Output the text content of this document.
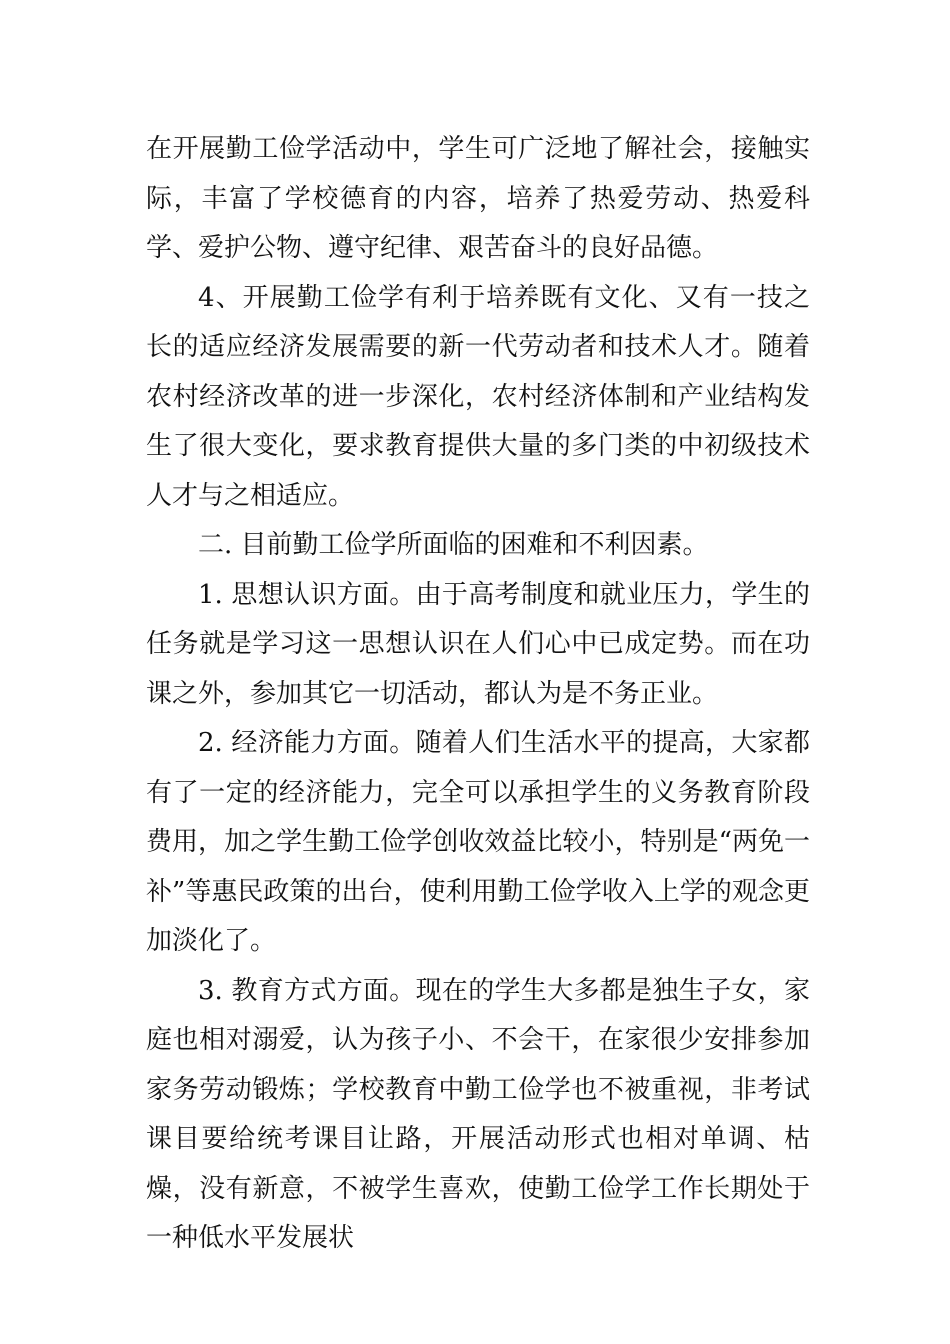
在开展勤工俭学活动中，学生可广泛地了解社会，接触实际，丰富了学校德育的内容，培养了热爱劳动、热爱科学、爱护公物、遵守纪律、艰苦奋斗的良好品德。

4、开展勤工俭学有利于培养既有文化、又有一技之长的适应经济发展需要的新一代劳动者和技术人才。随着农村经济改革的进一步深化，农村经济体制和产业结构发生了很大变化，要求教育提供大量的多门类的中初级技术人才与之相适应。

二. 目前勤工俭学所面临的困难和不利因素。

1. 思想认识方面。由于高考制度和就业压力，学生的任务就是学习这一思想认识在人们心中已成定势。而在功课之外，参加其它一切活动，都认为是不务正业。

2. 经济能力方面。随着人们生活水平的提高，大家都有了一定的经济能力，完全可以承担学生的义务教育阶段费用，加之学生勤工俭学创收效益比较小，特别是“两免一补”等惠民政策的出台，使利用勤工俭学收入上学的观念更加淡化了。

3. 教育方式方面。现在的学生大多都是独生子女，家庭也相对溺爱，认为孩子小、不会干，在家很少安排参加家务劳动锻炼；学校教育中勤工俭学也不被重视，非考试课目要给统考课目让路，开展活动形式也相对单调、枯燥，没有新意，不被学生喜欢，使勤工俭学工作长期处于一种低水平发展状
